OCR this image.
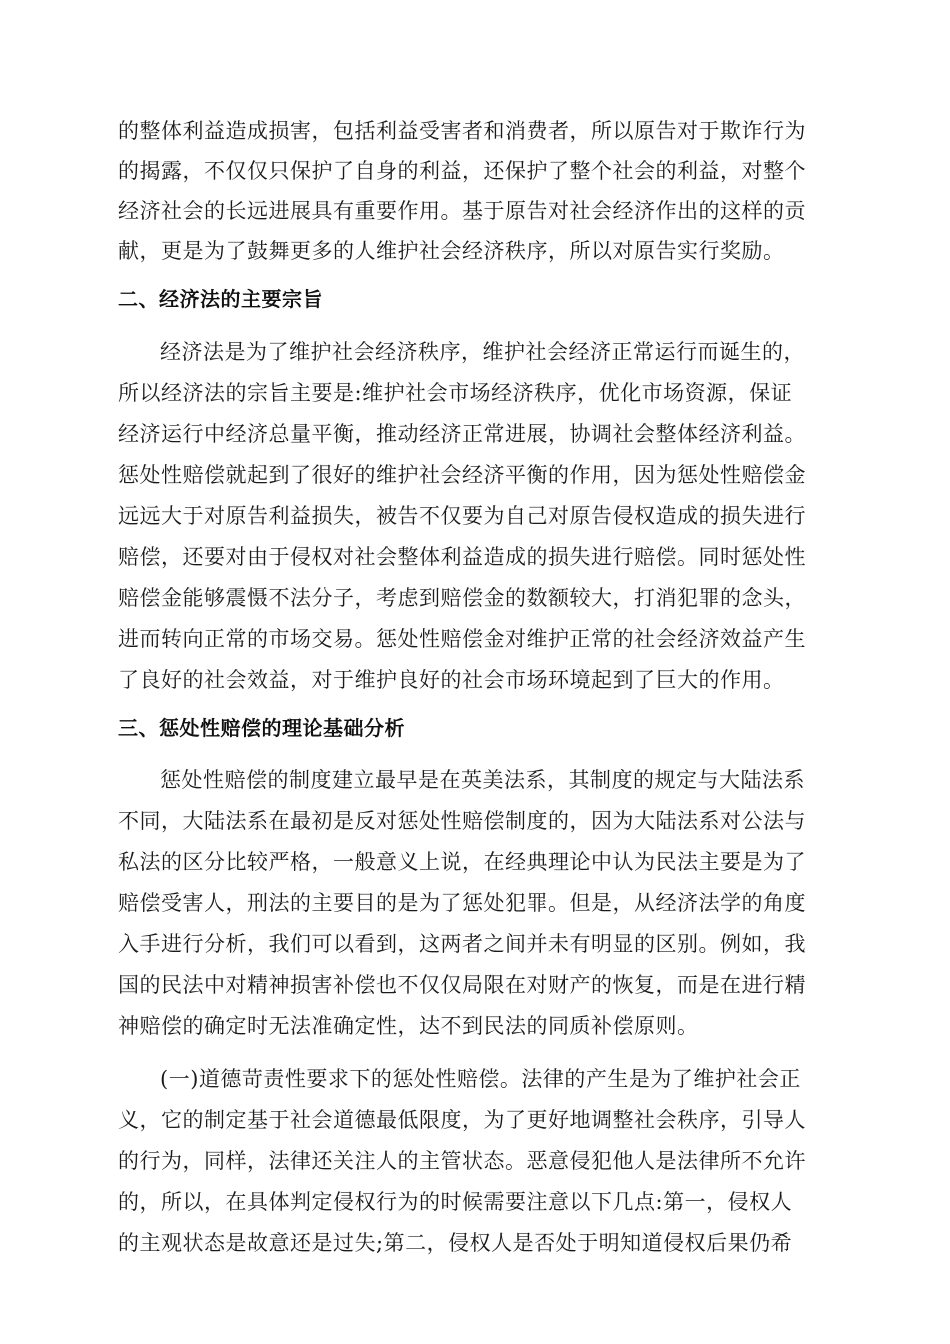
的整体利益造成损害，包括利益受害者和消费者，所以原告对于欺诈行为
的揭露，不仅仅只保护了自身的利益，还保护了整个社会的利益，对整个
经济社会的长远进展具有重要作用。基于原告对社会经济作出的这样的贡
献，更是为了鼓舞更多的人维护社会经济秩序，所以对原告实行奖励。
二、经济法的主要宗旨
经济法是为了维护社会经济秩序，维护社会经济正常运行而诞生的，
所以经济法的宗旨主要是:维护社会市场经济秩序，优化市场资源，保证
经济运行中经济总量平衡，推动经济正常进展，协调社会整体经济利益。
惩处性赔偿就起到了很好的维护社会经济平衡的作用，因为惩处性赔偿金
远远大于对原告利益损失，被告不仅要为自己对原告侵权造成的损失进行
赔偿，还要对由于侵权对社会整体利益造成的损失进行赔偿。同时惩处性
赔偿金能够震慑不法分子，考虑到赔偿金的数额较大，打消犯罪的念头，
进而转向正常的市场交易。惩处性赔偿金对维护正常的社会经济效益产生
了良好的社会效益，对于维护良好的社会市场环境起到了巨大的作用。
三、惩处性赔偿的理论基础分析
惩处性赔偿的制度建立最早是在英美法系，其制度的规定与大陆法系
不同，大陆法系在最初是反对惩处性赔偿制度的，因为大陆法系对公法与
私法的区分比较严格，一般意义上说，在经典理论中认为民法主要是为了
赔偿受害人，刑法的主要目的是为了惩处犯罪。但是，从经济法学的角度
入手进行分析，我们可以看到，这两者之间并未有明显的区别。例如，我
国的民法中对精神损害补偿也不仅仅局限在对财产的恢复，而是在进行精
神赔偿的确定时无法准确定性，达不到民法的同质补偿原则。
(一)道德苛责性要求下的惩处性赔偿。法律的产生是为了维护社会正
义，它的制定基于社会道德最低限度，为了更好地调整社会秩序，引导人
的行为，同样，法律还关注人的主管状态。恶意侵犯他人是法律所不允许
的，所以，在具体判定侵权行为的时候需要注意以下几点:第一，侵权人
的主观状态是故意还是过失;第二，侵权人是否处于明知道侵权后果仍希
